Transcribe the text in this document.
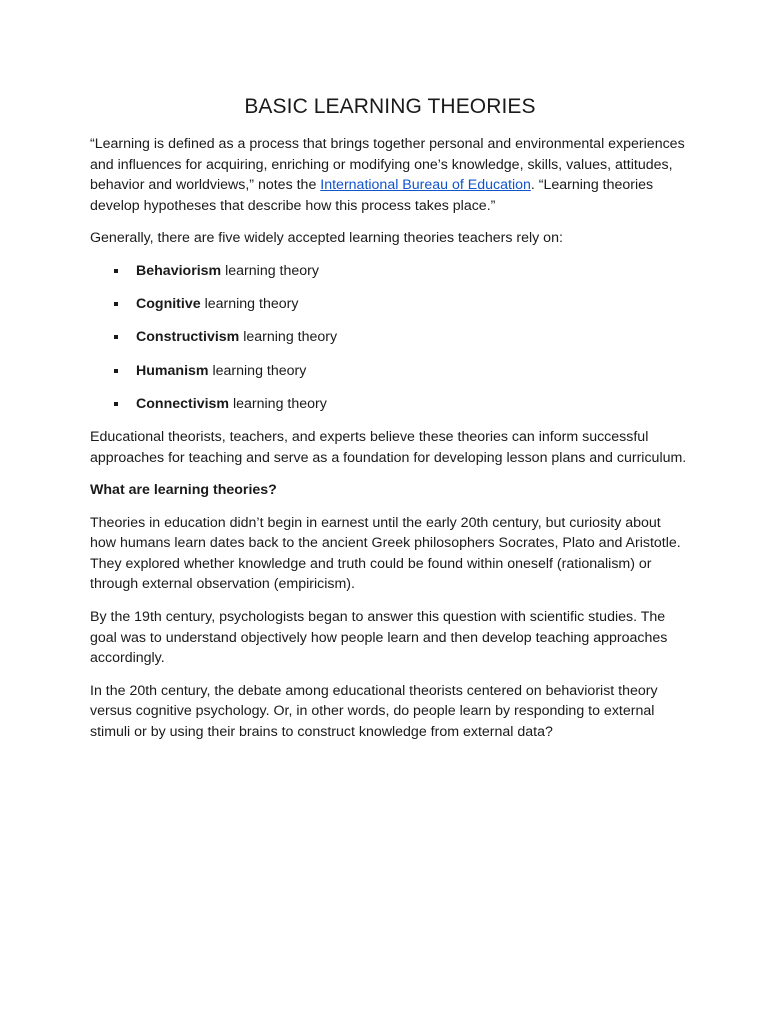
BASIC LEARNING THEORIES

“Learning is defined as a process that brings together personal and environmental experiences and influences for acquiring, enriching or modifying one’s knowledge, skills, values, attitudes, behavior and worldviews,” notes the International Bureau of Education. “Learning theories develop hypotheses that describe how this process takes place.”

Generally, there are five widely accepted learning theories teachers rely on:

Behaviorism learning theory
Cognitive learning theory
Constructivism learning theory
Humanism learning theory
Connectivism learning theory

Educational theorists, teachers, and experts believe these theories can inform successful approaches for teaching and serve as a foundation for developing lesson plans and curriculum.

What are learning theories?

Theories in education didn’t begin in earnest until the early 20th century, but curiosity about how humans learn dates back to the ancient Greek philosophers Socrates, Plato and Aristotle. They explored whether knowledge and truth could be found within oneself (rationalism) or through external observation (empiricism).

By the 19th century, psychologists began to answer this question with scientific studies. The goal was to understand objectively how people learn and then develop teaching approaches accordingly.

In the 20th century, the debate among educational theorists centered on behaviorist theory versus cognitive psychology. Or, in other words, do people learn by responding to external stimuli or by using their brains to construct knowledge from external data?
